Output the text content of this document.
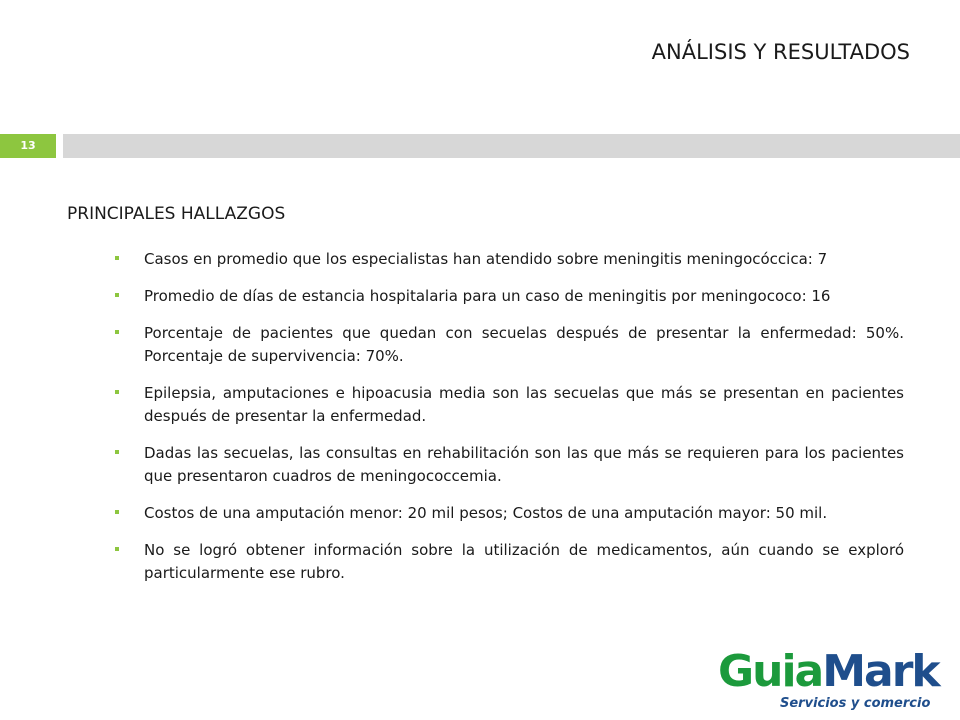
ANÁLISIS Y RESULTADOS
13
PRINCIPALES HALLAZGOS
Casos en promedio que los especialistas han atendido sobre meningitis meningocóccica: 7
Promedio de días de estancia hospitalaria para un caso de meningitis por meningococo: 16
Porcentaje de pacientes que quedan con secuelas después de presentar la enfermedad: 50%. Porcentaje de supervivencia: 70%.
Epilepsia, amputaciones e hipoacusia media son las secuelas que más se presentan en pacientes después de presentar la enfermedad.
Dadas las secuelas, las consultas en rehabilitación son las que más se requieren para los pacientes que presentaron cuadros de meningococcemia.
Costos de una amputación menor: 20 mil pesos; Costos de una amputación mayor: 50 mil.
No se logró obtener información sobre la utilización de medicamentos, aún cuando se exploró particularmente ese rubro.
GuiaMark
Servicios y comercio
